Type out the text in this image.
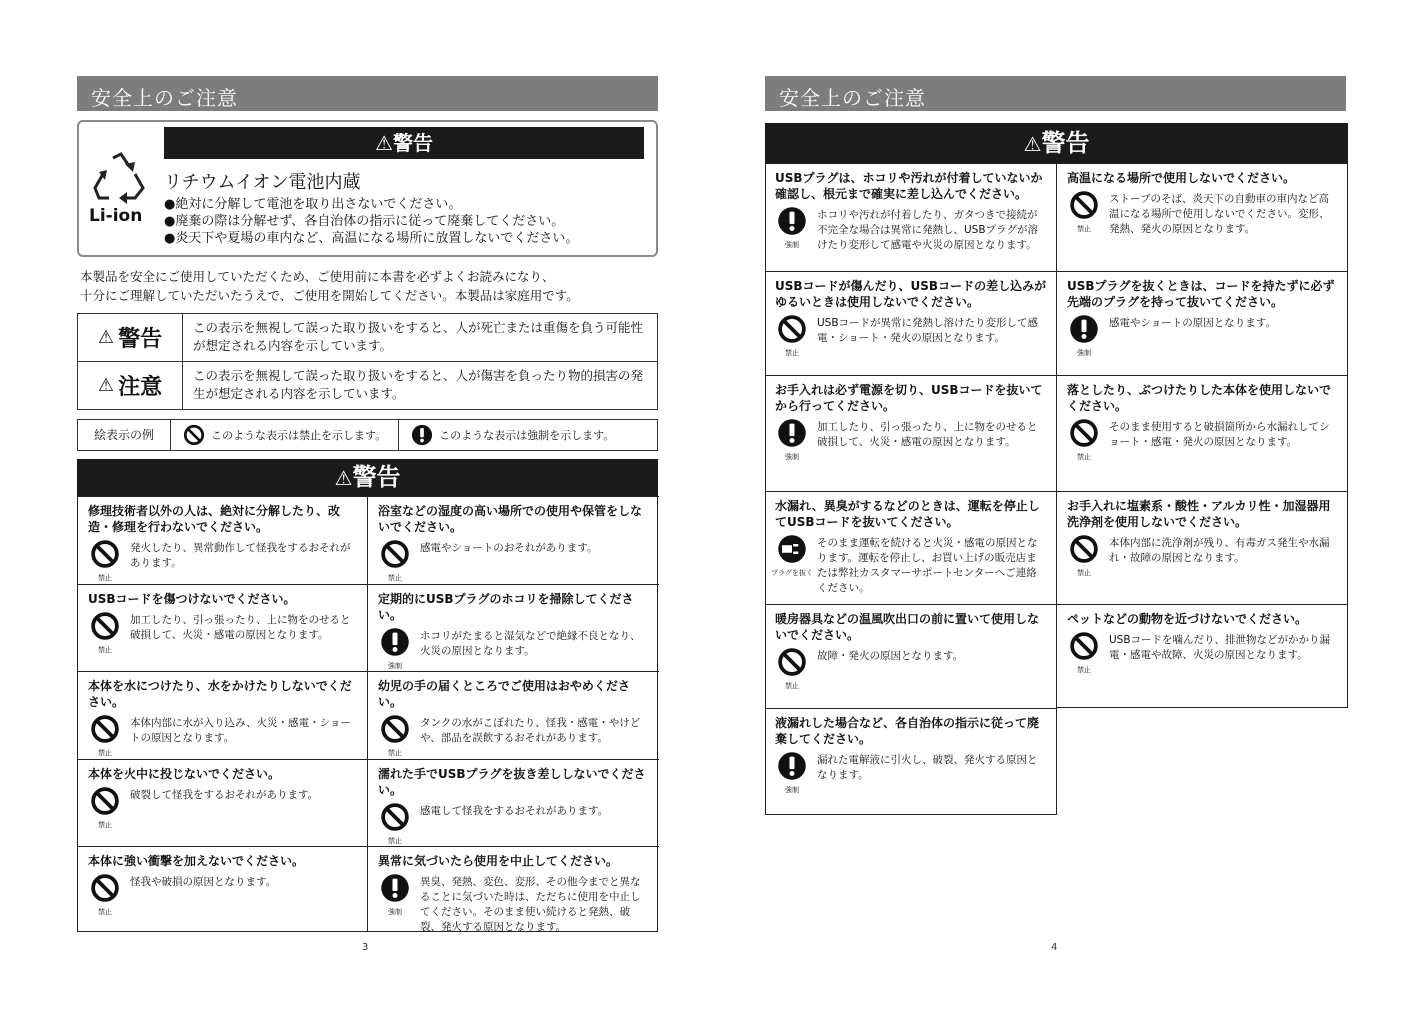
安全上のご注意
⚠警告
Li-ion
リチウムイオン電池内蔵
●絶対に分解して電池を取り出さないでください。
●廃棄の際は分解せず、各自治体の指示に従って廃棄してください。
●炎天下や夏場の車内など、高温になる場所に放置しないでください。
本製品を安全にご使用していただくため、ご使用前に本書を必ずよくお読みになり、
十分にご理解していただいたうえで、ご使用を開始してください。本製品は家庭用です。
⚠ 警告	この表示を無視して誤った取り扱いをすると、人が死亡または重傷を負う可能性が想定される内容を示しています。
⚠ 注意	この表示を無視して誤った取り扱いをすると、人が傷害を負ったり物的損害の発生が想定される内容を示しています。
絵表示の例	このような表示は禁止を示します。	このような表示は強制を示します。
⚠警告
修理技術者以外の人は、絶対に分解したり、改造・修理を行わないでください。
禁止
発火したり、異常動作して怪我をするおそれがあります。
浴室などの湿度の高い場所での使用や保管をしないでください。
禁止
感電やショートのおそれがあります。
USBコードを傷つけないでください。
禁止
加工したり、引っ張ったり、上に物をのせると破損して、火災・感電の原因となります。
定期的にUSBプラグのホコリを掃除してください。
強制
ホコリがたまると湿気などで絶縁不良となり、火災の原因となります。
本体を水につけたり、水をかけたりしないでください。
禁止
本体内部に水が入り込み、火災・感電・ショートの原因となります。
幼児の手の届くところでご使用はおやめください。
禁止
タンクの水がこぼれたり、怪我・感電・やけどや、部品を誤飲するおそれがあります。
本体を火中に投じないでください。
禁止
破裂して怪我をするおそれがあります。
濡れた手でUSBプラグを抜き差ししないでください。
禁止
感電して怪我をするおそれがあります。
本体に強い衝撃を加えないでください。
禁止
怪我や破損の原因となります。
異常に気づいたら使用を中止してください。
強制
異臭、発熱、変色、変形、その他今までと異なることに気づいた時は、ただちに使用を中止してください。そのまま使い続けると発熱、破裂、発火する原因となります。
3
安全上のご注意
⚠警告
USBプラグは、ホコリや汚れが付着していないか確認し、根元まで確実に差し込んでください。
強制
ホコリや汚れが付着したり、ガタつきで接続が不完全な場合は異常に発熱し、USBプラグが溶けたり変形して感電や火災の原因となります。
高温になる場所で使用しないでください。
禁止
ストーブのそば、炎天下の自動車の車内など高温になる場所で使用しないでください。変形、発熱、発火の原因となります。
USBコードが傷んだり、USBコードの差し込みがゆるいときは使用しないでください。
禁止
USBコードが異常に発熱し溶けたり変形して感電・ショート・発火の原因となります。
USBプラグを抜くときは、コードを持たずに必ず先端のプラグを持って抜いてください。
強制
感電やショートの原因となります。
お手入れは必ず電源を切り、USBコードを抜いてから行ってください。
強制
加工したり、引っ張ったり、上に物をのせると破損して、火災・感電の原因となります。
落としたり、ぶつけたりした本体を使用しないでください。
禁止
そのまま使用すると破損箇所から水漏れしてショート・感電・発火の原因となります。
水漏れ、異臭がするなどのときは、運転を停止してUSBコードを抜いてください。
プラグを抜く
そのまま運転を続けると火災・感電の原因となります。運転を停止し、お買い上げの販売店または弊社カスタマーサポートセンターへご連絡ください。
お手入れに塩素系・酸性・アルカリ性・加湿器用洗浄剤を使用しないでください。
禁止
本体内部に洗浄剤が残り、有毒ガス発生や水漏れ・故障の原因となります。
暖房器具などの温風吹出口の前に置いて使用しないでください。
禁止
故障・発火の原因となります。
ペットなどの動物を近づけないでください。
禁止
USBコードを噛んだり、排泄物などがかかり漏電・感電や故障、火災の原因となります。
液漏れした場合など、各自治体の指示に従って廃棄してください。
強制
漏れた電解液に引火し、破裂、発火する原因となります。
4
